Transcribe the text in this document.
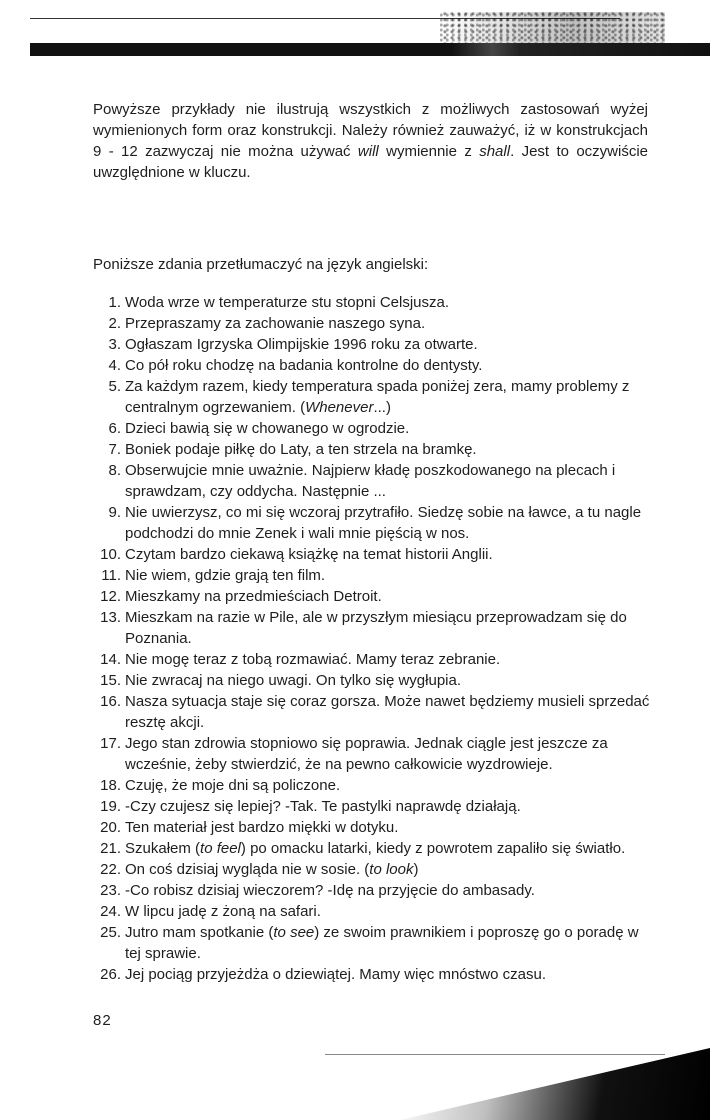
Powyższe przykłady nie ilustrują wszystkich z możliwych zastosowań wyżej wymienionych form oraz konstrukcji. Należy również zauważyć, iż w konstrukcjach 9 - 12 zazwyczaj nie można używać will wymiennie z shall. Jest to oczywiście uwzględnione w kluczu.

Poniższe zdania przetłumaczyć na język angielski:

1. Woda wrze w temperaturze stu stopni Celsjusza.
2. Przepraszamy za zachowanie naszego syna.
3. Ogłaszam Igrzyska Olimpijskie 1996 roku za otwarte.
4. Co pół roku chodzę na badania kontrolne do dentysty.
5. Za każdym razem, kiedy temperatura spada poniżej zera, mamy problemy z centralnym ogrzewaniem. (Whenever...)
6. Dzieci bawią się w chowanego w ogrodzie.
7. Boniek podaje piłkę do Laty, a ten strzela na bramkę.
8. Obserwujcie mnie uważnie. Najpierw kładę poszkodowanego na plecach i sprawdzam, czy oddycha. Następnie ...
9. Nie uwierzysz, co mi się wczoraj przytrafiło. Siedzę sobie na ławce, a tu nagle podchodzi do mnie Zenek i wali mnie pięścią w nos.
10. Czytam bardzo ciekawą książkę na temat historii Anglii.
11. Nie wiem, gdzie grają ten film.
12. Mieszkamy na przedmieściach Detroit.
13. Mieszkam na razie w Pile, ale w przyszłym miesiącu przeprowadzam się do Poznania.
14. Nie mogę teraz z tobą rozmawiać. Mamy teraz zebranie.
15. Nie zwracaj na niego uwagi. On tylko się wygłupia.
16. Nasza sytuacja staje się coraz gorsza. Może nawet będziemy musieli sprzedać resztę akcji.
17. Jego stan zdrowia stopniowo się poprawia. Jednak ciągle jest jeszcze za wcześnie, żeby stwierdzić, że na pewno całkowicie wyzdrowieje.
18. Czuję, że moje dni są policzone.
19. -Czy czujesz się lepiej? -Tak. Te pastylki naprawdę działają.
20. Ten materiał jest bardzo miękki w dotyku.
21. Szukałem (to feel) po omacku latarki, kiedy z powrotem zapaliło się światło.
22. On coś dzisiaj wygląda nie w sosie. (to look)
23. -Co robisz dzisiaj wieczorem? -Idę na przyjęcie do ambasady.
24. W lipcu jadę z żoną na safari.
25. Jutro mam spotkanie (to see) ze swoim prawnikiem i poproszę go o poradę w tej sprawie.
26. Jej pociąg przyjeżdża o dziewiątej. Mamy więc mnóstwo czasu.
82
